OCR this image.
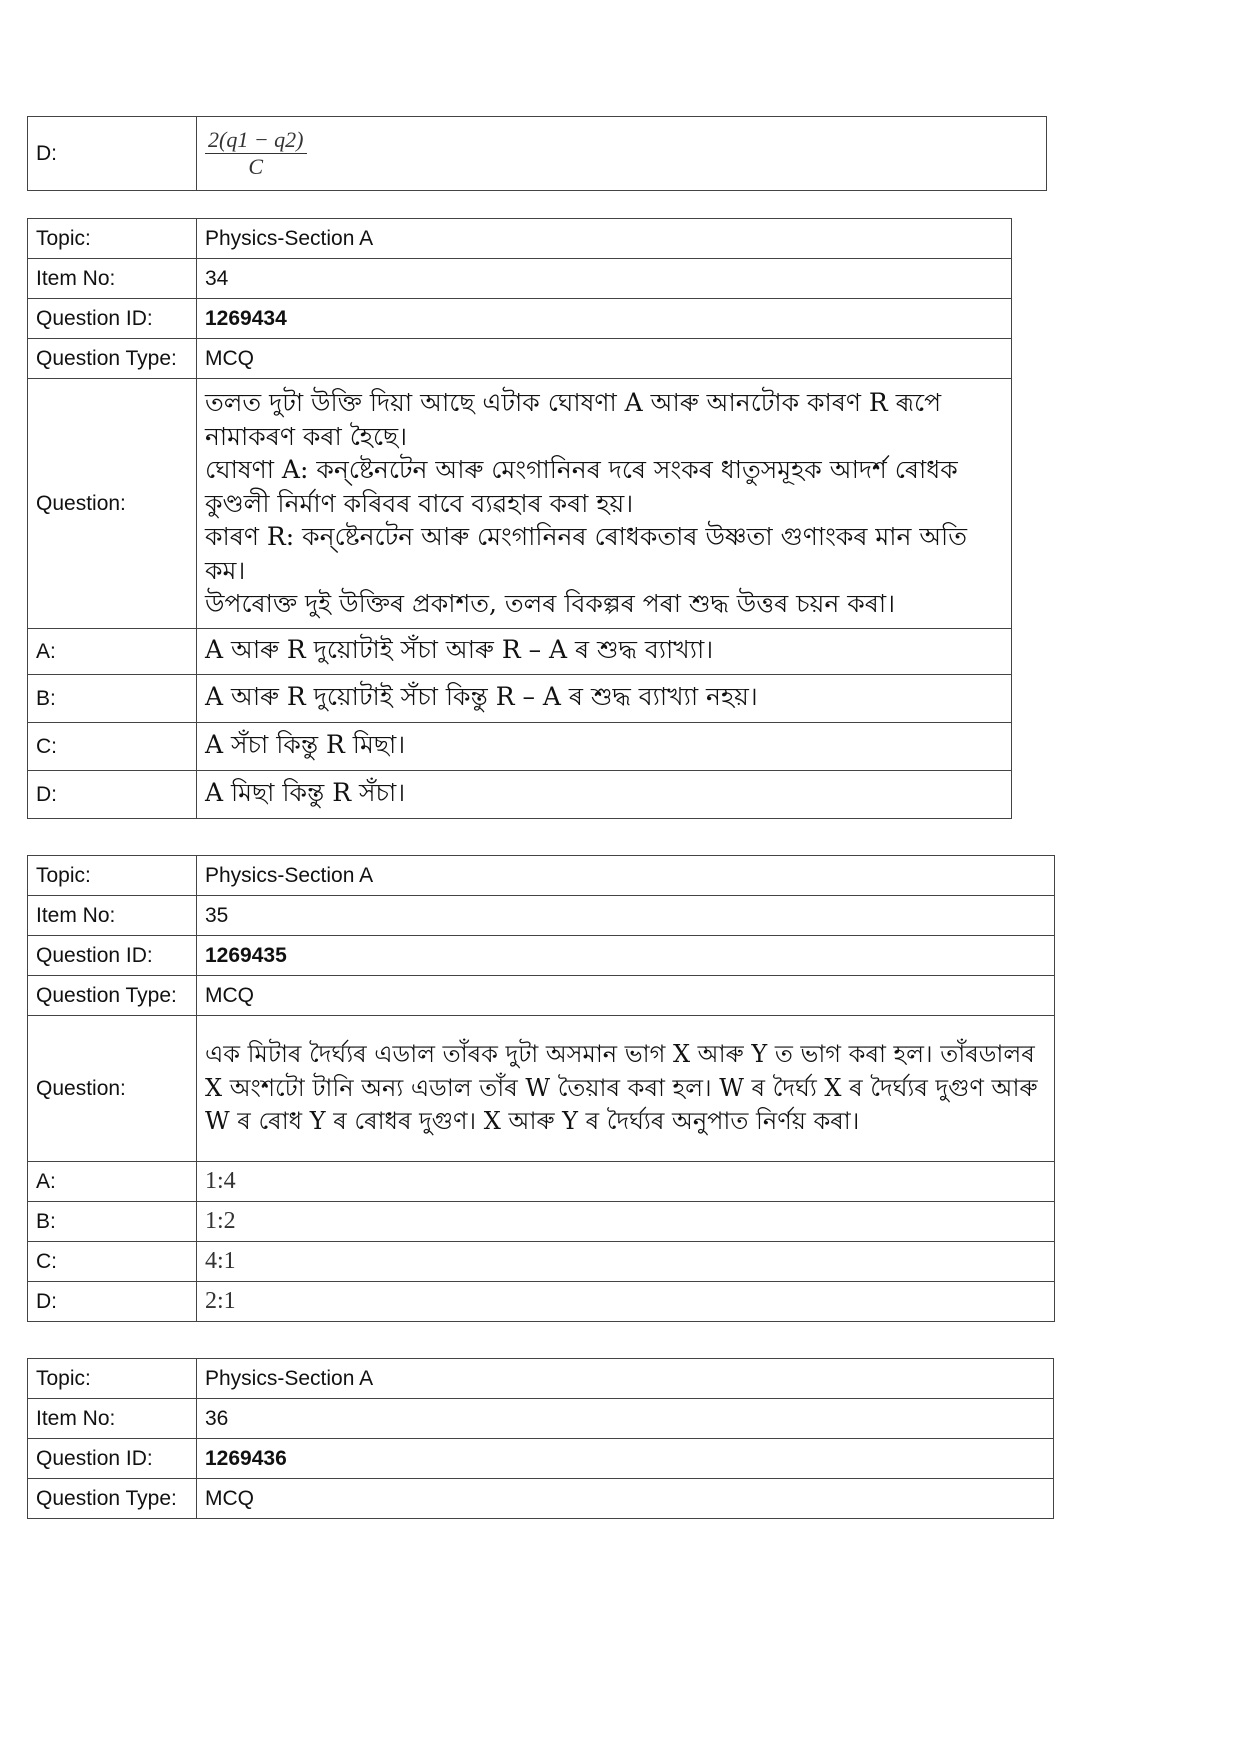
D:	$\frac{2(q1 - q2)}{C}$
Topic:	Physics-Section A
Item No:	34
Question ID:	1269434
Question Type:	MCQ
Question:	তলত দুটা উক্তি দিয়া আছে এটাক ঘোষণা A আৰু আনটোক কাৰণ R ৰূপে নামাকৰণ কৰা হৈছে।
ঘোষণা A: কন্‌ষ্টেনটেন আৰু মেংগানিনৰ দৰে সংকৰ ধাতুসমূহক আদৰ্শ ৰোধক কুণ্ডলী নিৰ্মাণ কৰিবৰ বাবে ব্যৱহাৰ কৰা হয়।
কাৰণ R: কন্‌ষ্টেনটেন আৰু মেংগানিনৰ ৰোধকতাৰ উষ্ণতা গুণাংকৰ মান অতি কম।
উপৰোক্ত দুই উক্তিৰ প্ৰকাশত, তলৰ বিকল্পৰ পৰা শুদ্ধ উত্তৰ চয়ন কৰা।
A:	A আৰু R দুয়োটাই সঁচা আৰু R – A ৰ শুদ্ধ ব্যাখ্যা।
B:	A আৰু R দুয়োটাই সঁচা কিন্তু R – A ৰ শুদ্ধ ব্যাখ্যা নহয়।
C:	A সঁচা কিন্তু R মিছা।
D:	A মিছা কিন্তু R সঁচা।
Topic:	Physics-Section A
Item No:	35
Question ID:	1269435
Question Type:	MCQ
Question:	এক মিটাৰ দৈৰ্ঘ্যৰ এডাল তাঁৰক দুটা অসমান ভাগ X আৰু Y ত ভাগ কৰা হল। তাঁৰডালৰ X অংশটো টানি অন্য এডাল তাঁৰ W তৈয়াৰ কৰা হল। W ৰ দৈৰ্ঘ্য X ৰ দৈৰ্ঘ্যৰ দুগুণ আৰু W ৰ ৰোধ Y ৰ ৰোধৰ দুগুণ। X আৰু Y ৰ দৈৰ্ঘ্যৰ অনুপাত নিৰ্ণয় কৰা।
A:	1:4
B:	1:2
C:	4:1
D:	2:1
Topic:	Physics-Section A
Item No:	36
Question ID:	1269436
Question Type:	MCQ
